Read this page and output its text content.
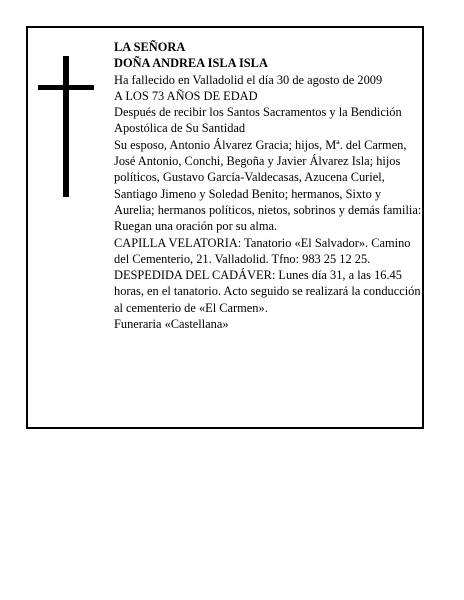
LA SEÑORA

DOÑA ANDREA ISLA ISLA

Ha fallecido en Valladolid el día 30 de agosto de 2009

A LOS 73 AÑOS DE EDAD

Después de recibir los Santos Sacramentos y la Bendición Apostólica de Su Santidad

Su esposo, Antonio Álvarez Gracia; hijos, Mª. del Carmen, José Antonio, Conchi, Begoña y Javier Álvarez Isla; hijos políticos, Gustavo García-Valdecasas, Azucena Curiel, Santiago Jimeno y Soledad Benito; hermanos, Sixto y Aurelia; hermanos políticos, nietos, sobrinos y demás familia:

Ruegan una oración por su alma.

CAPILLA VELATORIA: Tanatorio «El Salvador». Camino del Cementerio, 21. Valladolid. Tfno: 983 25 12 25.

DESPEDIDA DEL CADÁVER: Lunes día 31, a las 16.45 horas, en el tanatorio. Acto seguido se realizará la conducción al cementerio de «El Carmen».

Funeraria «Castellana»
